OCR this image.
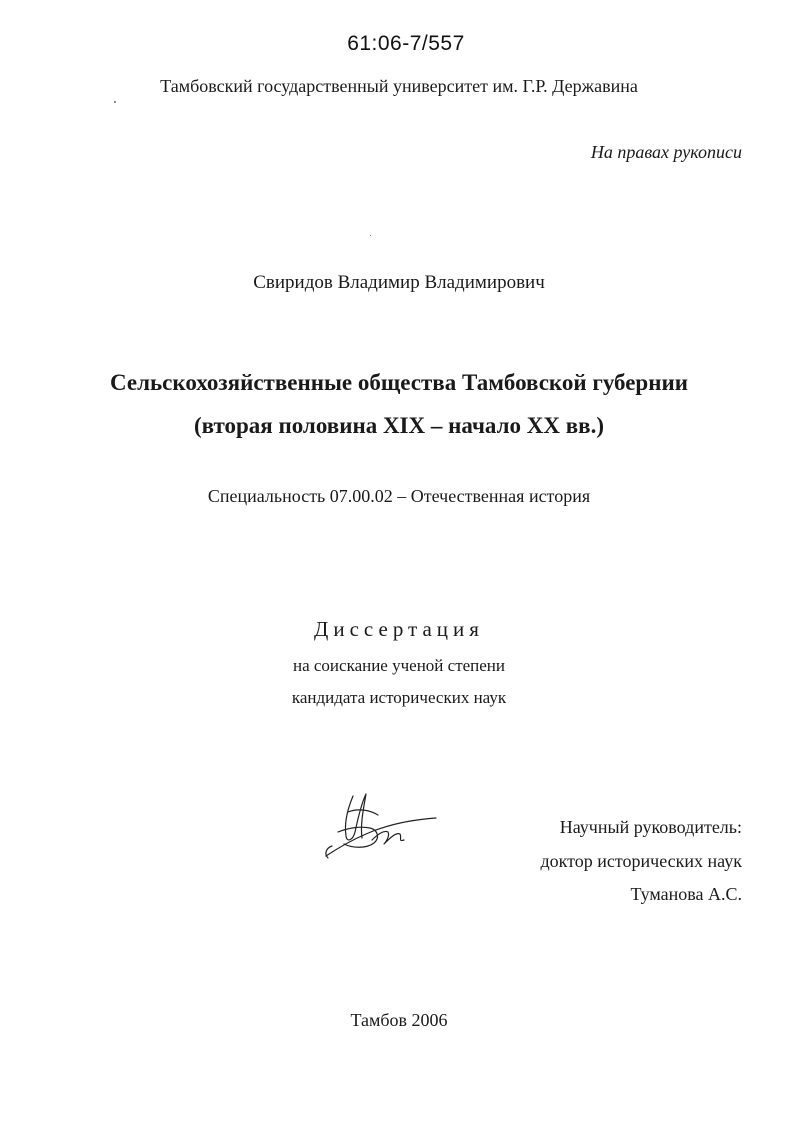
61:06-7/557
Тамбовский государственный университет им. Г.Р. Державина
На правах рукописи
Свиридов Владимир Владимирович
Сельскохозяйственные общества Тамбовской губернии
(вторая половина XIX – начало XX вв.)
Специальность 07.00.02 – Отечественная история
Диссертация
на соискание ученой степени
кандидата исторических наук
Научный руководитель:
доктор исторических наук
Туманова А.С.
Тамбов 2006
